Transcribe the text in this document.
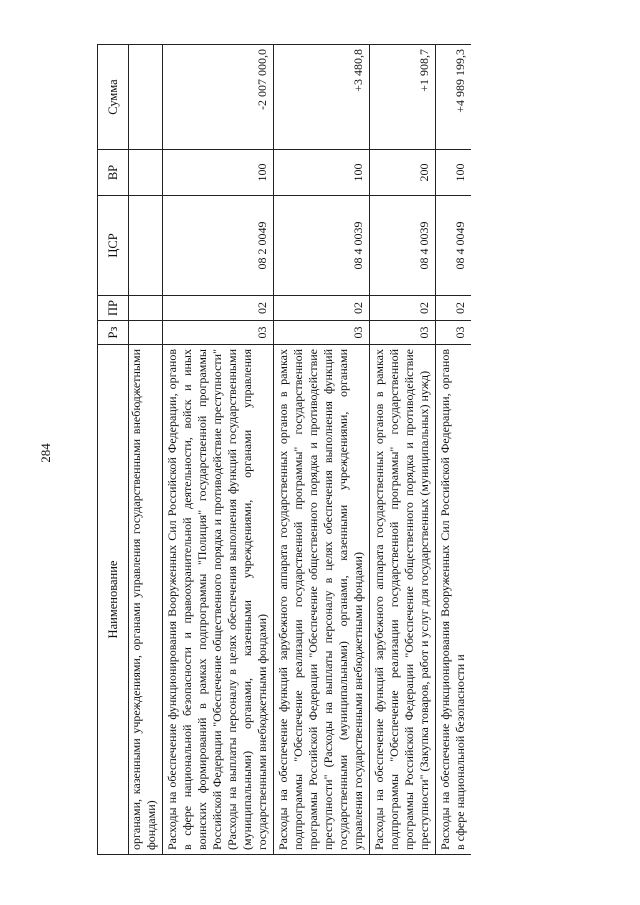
284
Наименование	Рз	ПР	ЦСР	ВР	Сумма
органами, казенными учреждениями, органами управления государственными внебюджетными фондами)					
Расходы на обеспечение функционирования Вооруженных Сил Российской Федерации, органов в сфере национальной безопасности и правоохранительной деятельности, войск и иных воинских формирований в рамках подпрограммы "Полиция" государственной программы Российской Федерации "Обеспечение общественного порядка и противодействие преступности" (Расходы на выплаты персоналу в целях обеспечения выполнения функций государственными (муниципальными) органами, казенными учреждениями, органами управления государственными внебюджетными фондами)	03	02	08 2 0049	100	-2 007 000,0
Расходы на обеспечение функций зарубежного аппарата государственных органов в рамках подпрограммы "Обеспечение реализации государственной программы" государственной программы Российской Федерации "Обеспечение общественного порядка и противодействие преступности" (Расходы на выплаты персоналу в целях обеспечения выполнения функций государственными (муниципальными) органами, казенными учреждениями, органами управления государственными внебюджетными фондами)	03	02	08 4 0039	100	+3 480,8
Расходы на обеспечение функций зарубежного аппарата государственных органов в рамках подпрограммы "Обеспечение реализации государственной программы" государственной программы Российской Федерации "Обеспечение общественного порядка и противодействие преступности" (Закупка товаров, работ и услуг для государственных (муниципальных) нужд)	03	02	08 4 0039	200	+1 908,7
Расходы на обеспечение функционирования Вооруженных Сил Российской Федерации, органов в сфере национальной безопасности и	03	02	08 4 0049	100	+4 989 199,3
